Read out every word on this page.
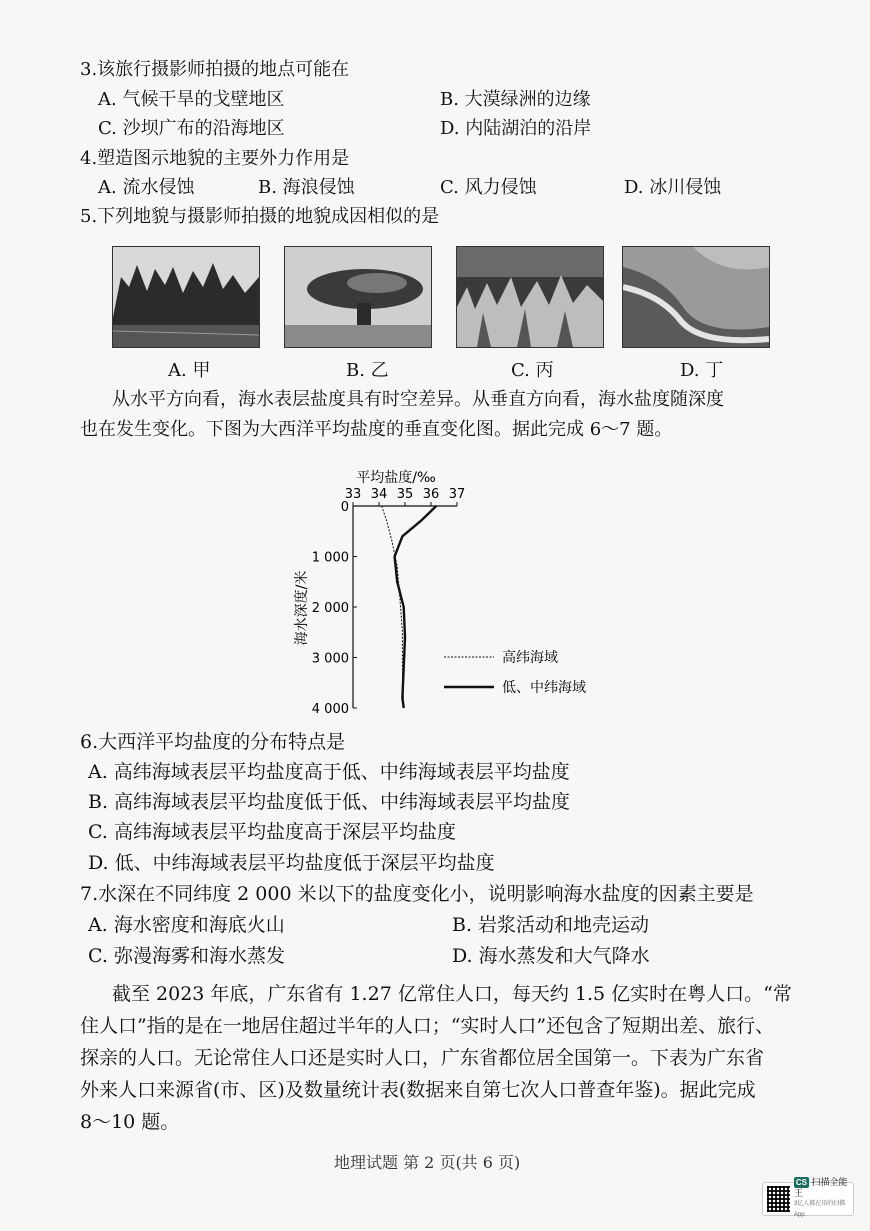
3.该旅行摄影师拍摄的地点可能在
A. 气候干旱的戈壁地区	B. 大漠绿洲的边缘
C. 沙坝广布的沿海地区	D. 内陆湖泊的沿岸
4.塑造图示地貌的主要外力作用是
A. 流水侵蚀	B. 海浪侵蚀	C. 风力侵蚀	D. 冰川侵蚀
5.下列地貌与摄影师拍摄的地貌成因相似的是
A. 甲	B. 乙	C. 丙	D. 丁
从水平方向看，海水表层盐度具有时空差异。从垂直方向看，海水盐度随深度
也在发生变化。下图为大西洋平均盐度的垂直变化图。据此完成 6～7 题。
平均盐度/‰
海水深度/米
33 34 35 36 37
0
1 000
2 000
3 000
4 000
高纬海域
低、中纬海域
6.大西洋平均盐度的分布特点是
A. 高纬海域表层平均盐度高于低、中纬海域表层平均盐度
B. 高纬海域表层平均盐度低于低、中纬海域表层平均盐度
C. 高纬海域表层平均盐度高于深层平均盐度
D. 低、中纬海域表层平均盐度低于深层平均盐度
7.水深在不同纬度 2 000 米以下的盐度变化小，说明影响海水盐度的因素主要是
A. 海水密度和海底火山	B. 岩浆活动和地壳运动
C. 弥漫海雾和海水蒸发	D. 海水蒸发和大气降水
截至 2023 年底，广东省有 1.27 亿常住人口，每天约 1.5 亿实时在粤人口。“常
住人口”指的是在一地居住超过半年的人口；“实时人口”还包含了短期出差、旅行、
探亲的人口。无论常住人口还是实时人口，广东省都位居全国第一。下表为广东省
外来人口来源省(市、区)及数量统计表(数据来自第七次人口普查年鉴)。据此完成
8～10 题。
地理试题 第 2 页(共 6 页)
CS 扫描全能王
3亿人都在用的扫描App
